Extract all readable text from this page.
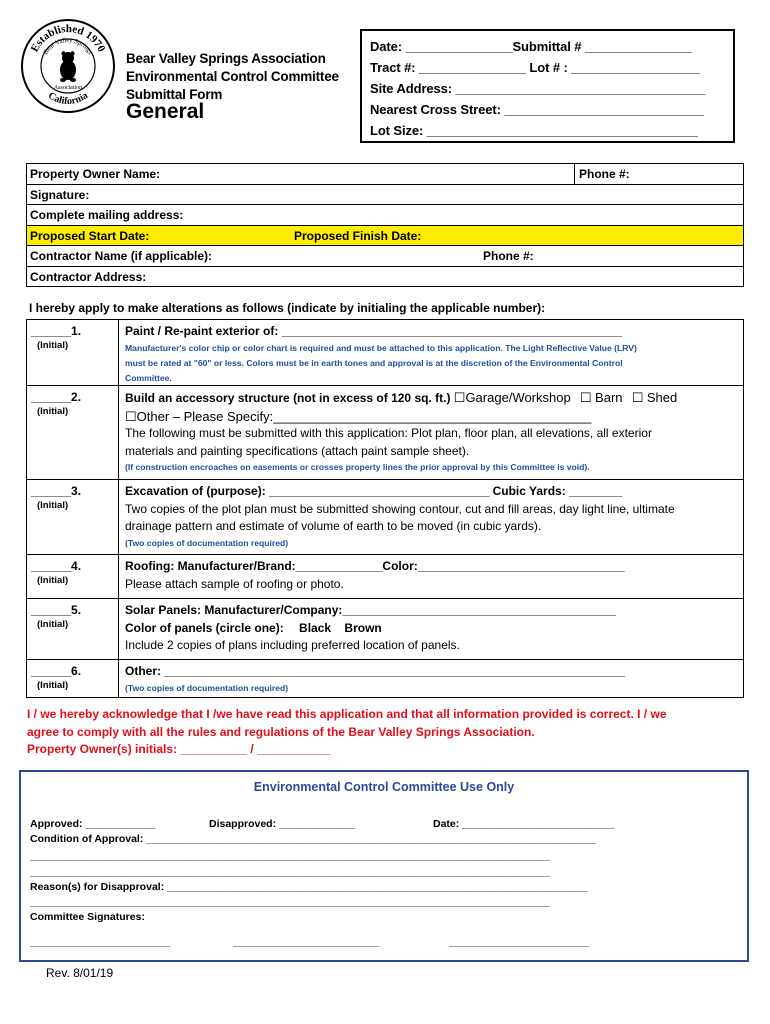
Established 1970
California
Bear Valley Springs
Association
Bear Valley Springs Association
Environmental Control Committee
Submittal Form
General
Date: _______________Submittal # _______________
Tract #: _______________ Lot # : __________________
Site Address: ___________________________________
Nearest Cross Street: ____________________________
Lot Size: ______________________________________
Property Owner Name:	Phone #:
Signature:
Complete mailing address:
Proposed Start Date:	Proposed Finish Date:
Contractor Name (if applicable):	Phone #:
Contractor Address:
I hereby apply to make alterations as follows (indicate by initialing the applicable number):
______1.
(Initial)
Paint / Re-paint exterior of: ___________________________________________________
Manufacturer's color chip or color chart is required and must be attached to this application. The Light Reflective Value (LRV)
must be rated at "60" or less. Colors must be in earth tones and approval is at the discretion of the Environmental Control
Committee.
______2.
(Initial)
Build an accessory structure (not in excess of 120 sq. ft.) ☐Garage/Workshop ☐ Barn ☐ Shed
☐Other – Please Specify:____________________________________________
The following must be submitted with this application: Plot plan, floor plan, all elevations, all exterior
materials and painting specifications (attach paint sample sheet).
(If construction encroaches on easements or crosses property lines the prior approval by this Committee is void).
______3.
(Initial)
Excavation of (purpose): _________________________________ Cubic Yards: ________
Two copies of the plot plan must be submitted showing contour, cut and fill areas, day light line, ultimate
drainage pattern and estimate of volume of earth to be moved (in cubic yards).
(Two copies of documentation required)
______4.
(Initial)
Roofing: Manufacturer/Brand:_____________Color:_______________________________
Please attach sample of roofing or photo.
______5.
(Initial)
Solar Panels: Manufacturer/Company:_________________________________________
Color of panels (circle one): Black Brown
Include 2 copies of plans including preferred location of panels.
______6.
(Initial)
Other: _____________________________________________________________________
(Two copies of documentation required)
I / we hereby acknowledge that I /we have read this application and that all information provided is correct. I / we
agree to comply with all the rules and regulations of the Bear Valley Springs Association.
Property Owner(s) initials: __________ / ___________
Environmental Control Committee Use Only
Approved: ____________	Disapproved: _____________	Date: __________________________
Condition of Approval: _____________________________________________________________________________
_________________________________________________________________________________________
_________________________________________________________________________________________
Reason(s) for Disapproval: ________________________________________________________________________
_________________________________________________________________________________________
Committee Signatures:
________________________	_________________________	________________________
Rev. 8/01/19
